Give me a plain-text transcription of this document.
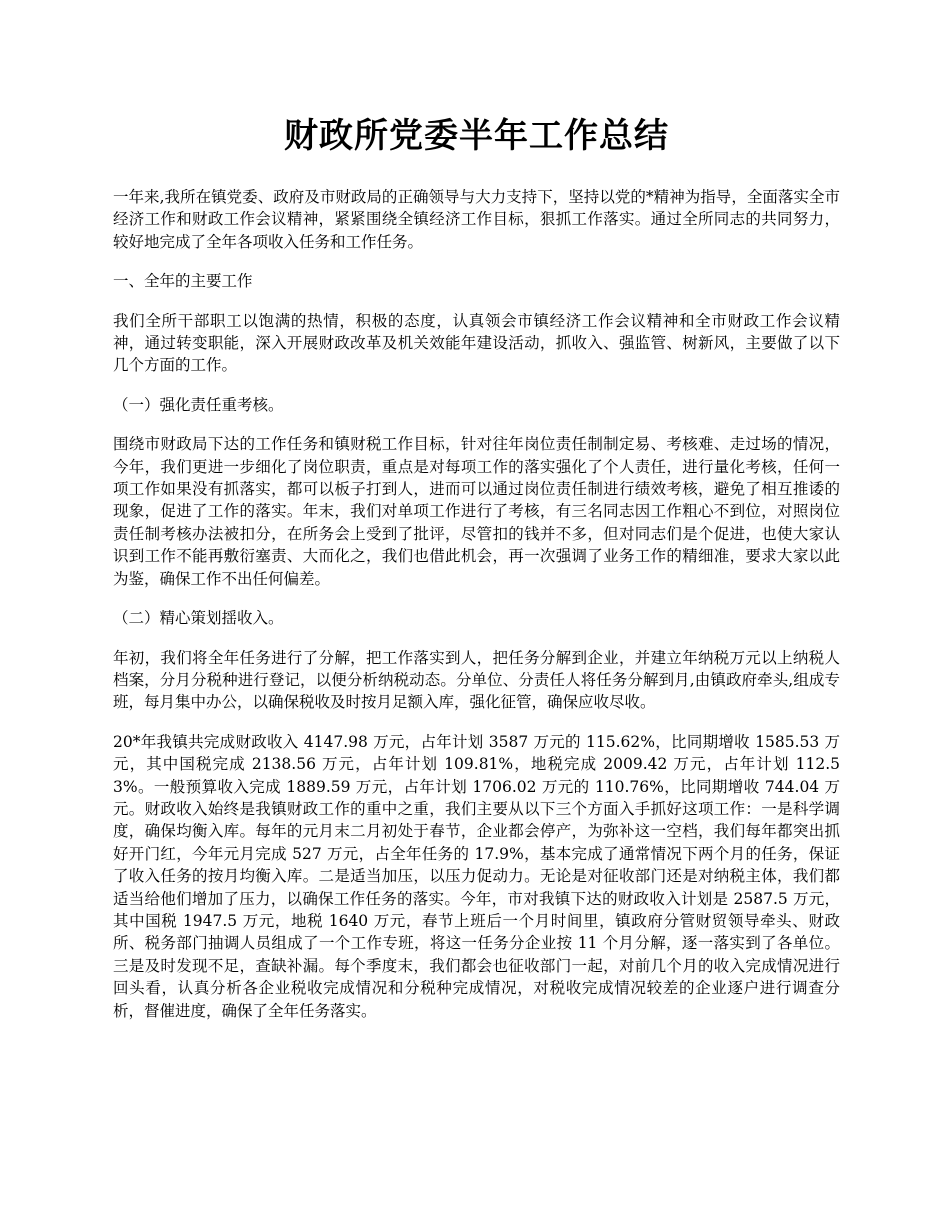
财政所党委半年工作总结

一年来,我所在镇党委、政府及市财政局的正确领导与大力支持下，坚持以党的*精神为指导，全面落实全市经济工作和财政工作会议精神，紧紧围绕全镇经济工作目标，狠抓工作落实。通过全所同志的共同努力，较好地完成了全年各项收入任务和工作任务。

一、全年的主要工作

我们全所干部职工以饱满的热情，积极的态度，认真领会市镇经济工作会议精神和全市财政工作会议精神，通过转变职能，深入开展财政改革及机关效能年建设活动，抓收入、强监管、树新风，主要做了以下几个方面的工作。

（一）强化责任重考核。

围绕市财政局下达的工作任务和镇财税工作目标，针对往年岗位责任制制定易、考核难、走过场的情况，今年，我们更进一步细化了岗位职责，重点是对每项工作的落实强化了个人责任，进行量化考核，任何一项工作如果没有抓落实，都可以板子打到人，进而可以通过岗位责任制进行绩效考核，避免了相互推诿的现象，促进了工作的落实。年末，我们对单项工作进行了考核，有三名同志因工作粗心不到位，对照岗位责任制考核办法被扣分，在所务会上受到了批评，尽管扣的钱并不多，但对同志们是个促进，也使大家认识到工作不能再敷衍塞责、大而化之，我们也借此机会，再一次强调了业务工作的精细准，要求大家以此为鉴，确保工作不出任何偏差。

（二）精心策划揺收入。

年初，我们将全年任务进行了分解，把工作落实到人，把任务分解到企业，并建立年纳税万元以上纳税人档案，分月分税种进行登记，以便分析纳税动态。分单位、分责任人将任务分解到月,由镇政府牵头,组成专班，每月集中办公，以确保税收及时按月足额入库，强化征管，确保应收尽收。

20*年我镇共完成财政收入 4147.98 万元，占年计划 3587 万元的 115.62%，比同期增收 1585.53 万元，其中国税完成 2138.56 万元，占年计划 109.81%，地税完成 2009.42 万元，占年计划 112.53%。一般预算收入完成 1889.59 万元，占年计划 1706.02 万元的 110.76%，比同期增收 744.04 万元。财政收入始终是我镇财政工作的重中之重，我们主要从以下三个方面入手抓好这项工作：一是科学调度，确保均衡入库。每年的元月末二月初处于春节，企业都会停产，为弥补这一空档，我们每年都突出抓好开门红，今年元月完成 527 万元，占全年任务的 17.9%，基本完成了通常情况下两个月的任务，保证了收入任务的按月均衡入库。二是适当加压，以压力促动力。无论是对征收部门还是对纳税主体，我们都适当给他们增加了压力，以确保工作任务的落实。今年，市对我镇下达的财政收入计划是 2587.5 万元，其中国税 1947.5 万元，地税 1640 万元，春节上班后一个月时间里，镇政府分管财贸领导牵头、财政所、税务部门抽调人员组成了一个工作专班，将这一任务分企业按 11 个月分解，逐一落实到了各单位。三是及时发现不足，查缺补漏。每个季度末，我们都会也征收部门一起，对前几个月的收入完成情况进行回头看，认真分析各企业税收完成情况和分税种完成情况，对税收完成情况较差的企业逐户进行调查分析，督催进度，确保了全年任务落实。
